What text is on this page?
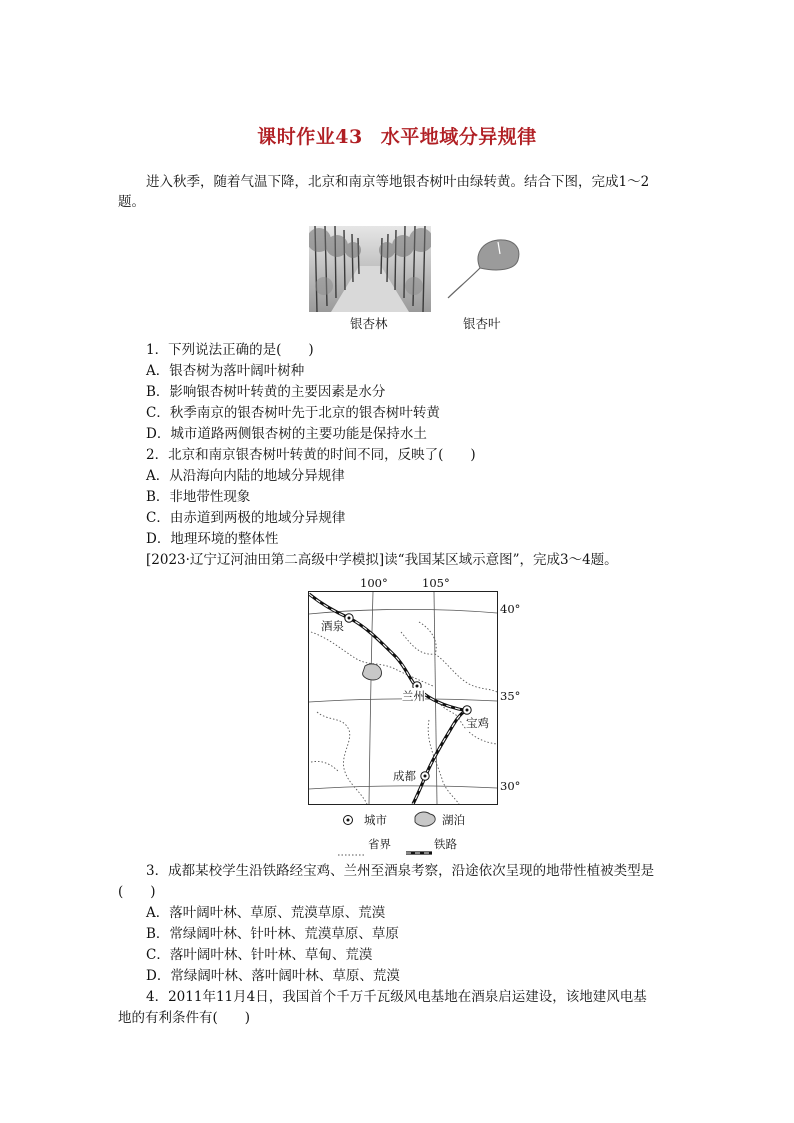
课时作业43 水平地域分异规律
进入秋季，随着气温下降，北京和南京等地银杏树叶由绿转黄。结合下图，完成1～2
题。
银杏林	银杏叶
1．下列说法正确的是(　　)
A．银杏树为落叶阔叶树种
B．影响银杏树叶转黄的主要因素是水分
C．秋季南京的银杏树叶先于北京的银杏树叶转黄
D．城市道路两侧银杏树的主要功能是保持水土
2．北京和南京银杏树叶转黄的时间不同，反映了(　　)
A．从沿海向内陆的地域分异规律
B．非地带性现象
C．由赤道到两极的地域分异规律
D．地理环境的整体性
[2023·辽宁辽河油田第二高级中学模拟]读“我国某区域示意图”，完成3～4题。
100°	105°
40°
35°
30°
酒泉
兰州
宝鸡
成都
城市	湖泊
省界	铁路
3．成都某校学生沿铁路经宝鸡、兰州至酒泉考察，沿途依次呈现的地带性植被类型是
(　　)
A．落叶阔叶林、草原、荒漠草原、荒漠
B．常绿阔叶林、针叶林、荒漠草原、草原
C．落叶阔叶林、针叶林、草甸、荒漠
D．常绿阔叶林、落叶阔叶林、草原、荒漠
4．2011年11月4日，我国首个千万千瓦级风电基地在酒泉启运建设，该地建风电基
地的有利条件有(　　)
